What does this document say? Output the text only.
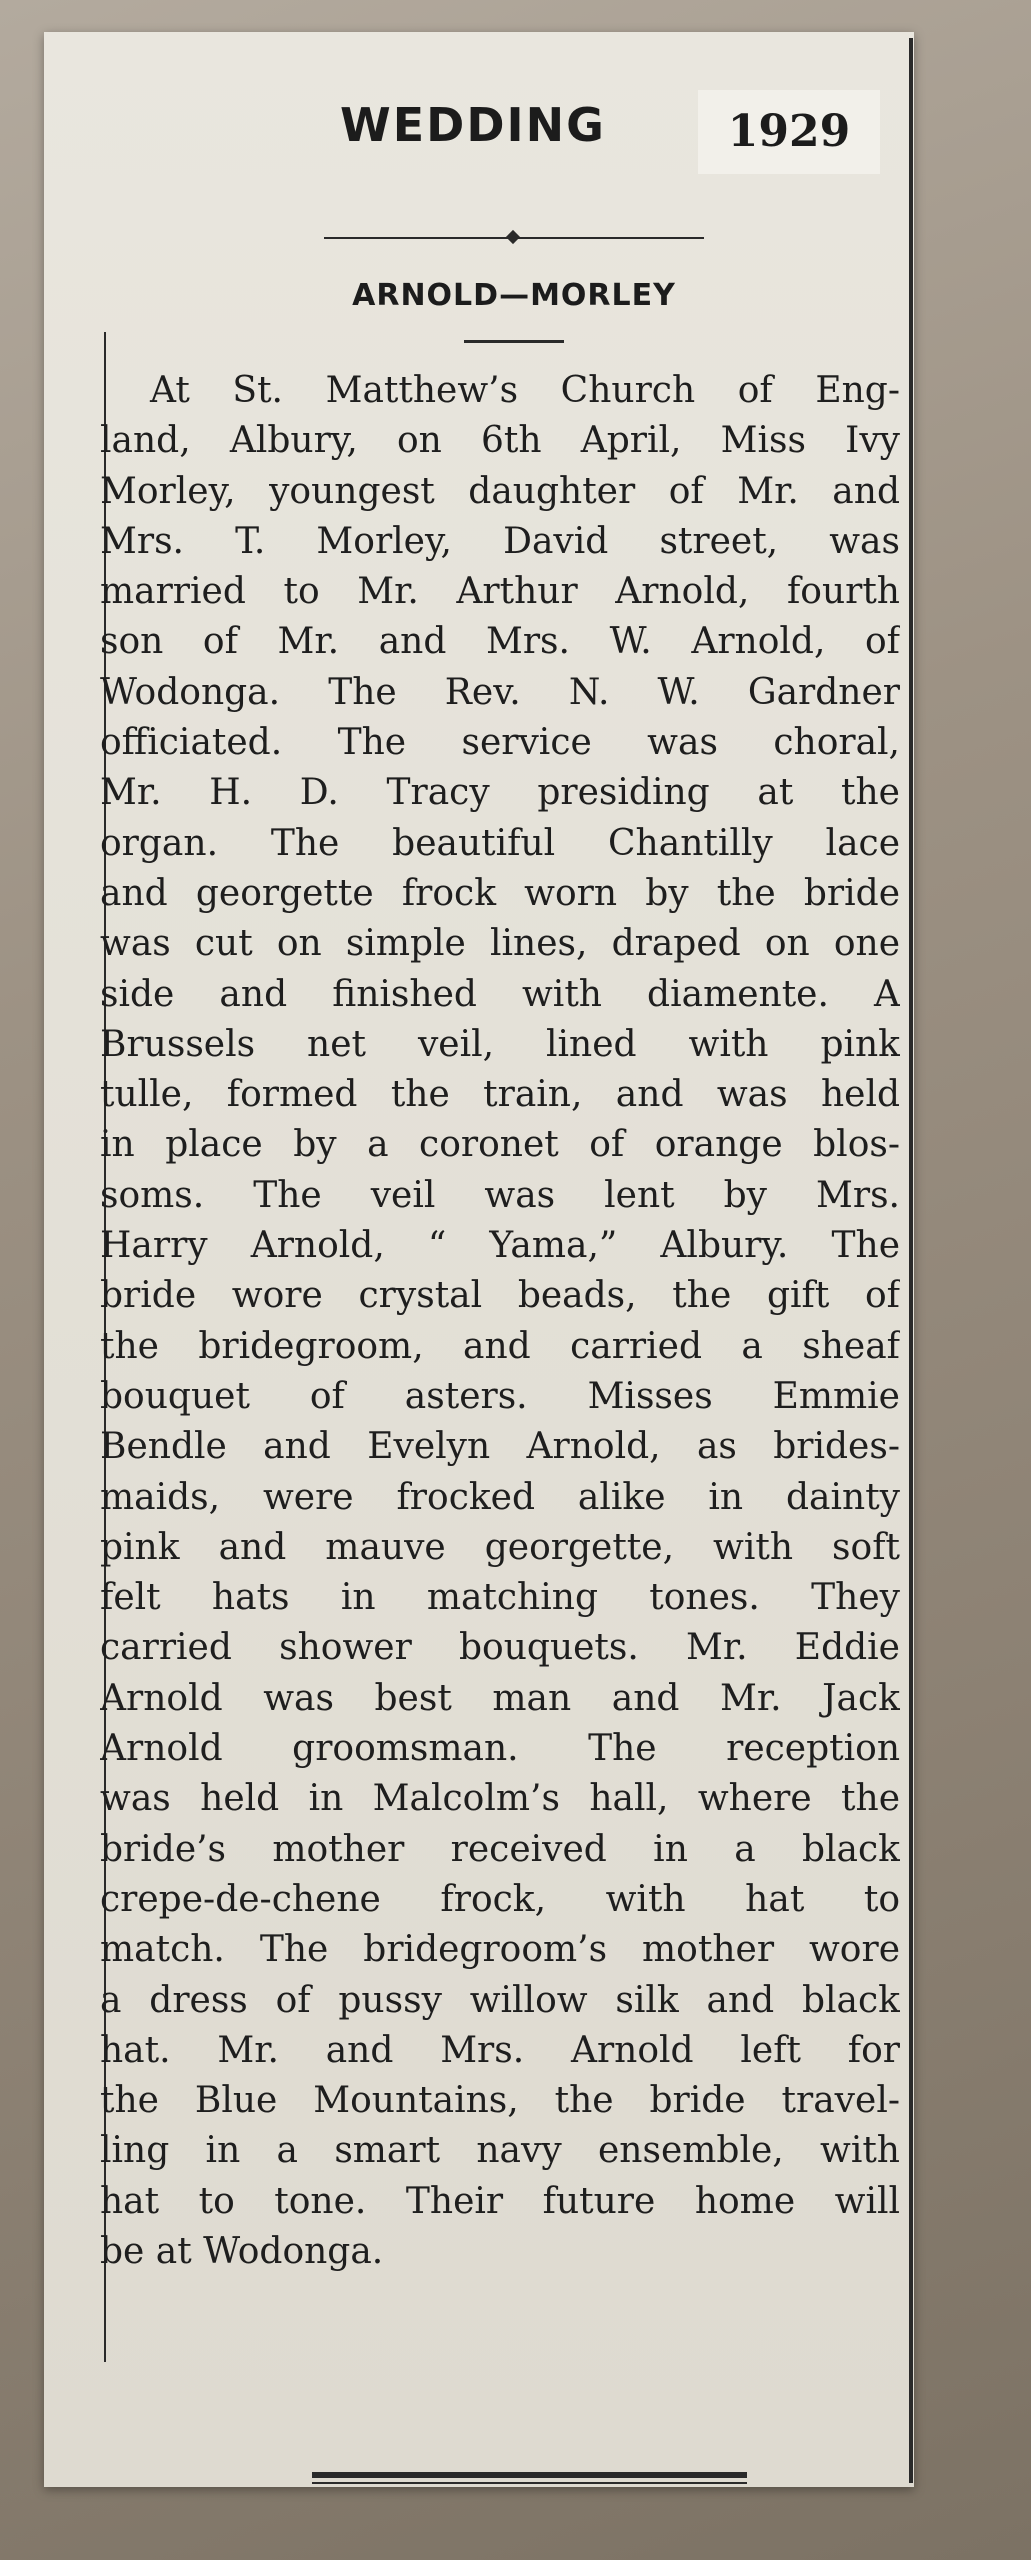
WEDDING	1929
ARNOLD—MORLEY
At St. Matthew’s Church of Eng-
land, Albury, on 6th April, Miss Ivy
Morley, youngest daughter of Mr. and
Mrs. T. Morley, David street, was
married to Mr. Arthur Arnold, fourth
son of Mr. and Mrs. W. Arnold, of
Wodonga. The Rev. N. W. Gardner
officiated. The service was choral,
Mr. H. D. Tracy presiding at the
organ. The beautiful Chantilly lace
and georgette frock worn by the bride
was cut on simple lines, draped on one
side and finished with diamente. A
Brussels net veil, lined with pink
tulle, formed the train, and was held
in place by a coronet of orange blos-
soms. The veil was lent by Mrs.
Harry Arnold, “ Yama,” Albury. The
bride wore crystal beads, the gift of
the bridegroom, and carried a sheaf
bouquet of asters. Misses Emmie
Bendle and Evelyn Arnold, as brides-
maids, were frocked alike in dainty
pink and mauve georgette, with soft
felt hats in matching tones. They
carried shower bouquets. Mr. Eddie
Arnold was best man and Mr. Jack
Arnold groomsman. The reception
was held in Malcolm’s hall, where the
bride’s mother received in a black
crepe-de-chene frock, with hat to
match. The bridegroom’s mother wore
a dress of pussy willow silk and black
hat. Mr. and Mrs. Arnold left for
the Blue Mountains, the bride travel-
ling in a smart navy ensemble, with
hat to tone. Their future home will
be at Wodonga.
